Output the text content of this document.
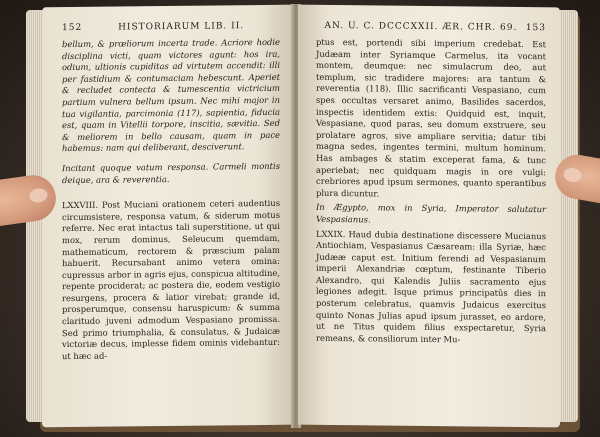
152	HISTORIARUM LIB. II.

bellum, & prœliorum incerta trade. Acriore hodie disciplina victi, quam victores agunt: hos ira, odium, ultionis cupiditas ad virtutem accendit: illi per fastidium & contumaciam hebescunt. Aperiet & recludet contecta & tumescentia victricium partium vulnera bellum ipsum. Nec mihi major in tua vigilantia, parcimonia (117), sapientia, fiducia est, quam in Vitellii torpore, inscitia, sævitia. Sed & meliorem in bello causam, quam in pace habemus: nam qui deliberant, desciverunt.

Incitant quoque vatum responsa. Carmeli montis deique, ara & reverentia.

LXXVIII. Post Muciani orationem ceteri audentius circumsistere, responsa vatum, & siderum motus referre. Nec erat intactus tali superstitione, ut qui mox, rerum dominus, Seleucum quemdam, mathematicum, rectorem & præscium palam habuerit. Recursabant animo vetera omina: cupressus arbor in agris ejus, conspicua altitudine, repente prociderat; ac postera die, eodem vestigio resurgens, procera & latior virebat; grande id, prosperumque, consensu haruspicum: & summa claritudo juveni admodum Vespasiano promissa. Sed primo triumphalia, & consulatus, & Judaicæ victoriæ decus, implesse fidem ominis videbantur: ut hæc ad-

AN. U. C. DCCCXXII. ÆR. CHR. 69. 153

ptus est, portendi sibi imperium credebat. Est Judæam inter Syriamque Carmelus, ita vocant montem, deumque: nec simulacrum deo, aut templum, sic tradidere majores: ara tantum & reverentia (118). Illic sacrificanti Vespasiano, cum spes occultas versaret animo, Basilides sacerdos, inspectis identidem extis: Quidquid est, inquit, Vespasiane, quod paras, seu domum exstruere, seu prolatare agros, sive ampliare servitia; datur tibi magna sedes, ingentes termini, multum hominum. Has ambages & statim exceperat fama, & tunc aperiebat; nec quidquam magis in ore vulgi: crebriores apud ipsum sermones, quanto sperantibus plura dicuntur.

In Ægypto, mox in Syria, Imperator salutatur Vespasianus.

LXXIX. Haud dubia destinatione discessere Mucianus Antiochiam, Vespasianus Cæsaream: illa Syriæ, hæc Judææ caput est. Initium ferendi ad Vespasianum imperii Alexandriæ cœptum, festinante Tiberio Alexandro, qui Kalendis Juliis sacramento ejus legiones adegit. Isque primus principatûs dies in posterum celebratus, quamvis Judaicus exercitus quinto Nonas Julias apud ipsum jurasset, eo ardore, ut ne Titus quidem filius exspectaretur, Syria remeans, & consiliorum inter Mu-
